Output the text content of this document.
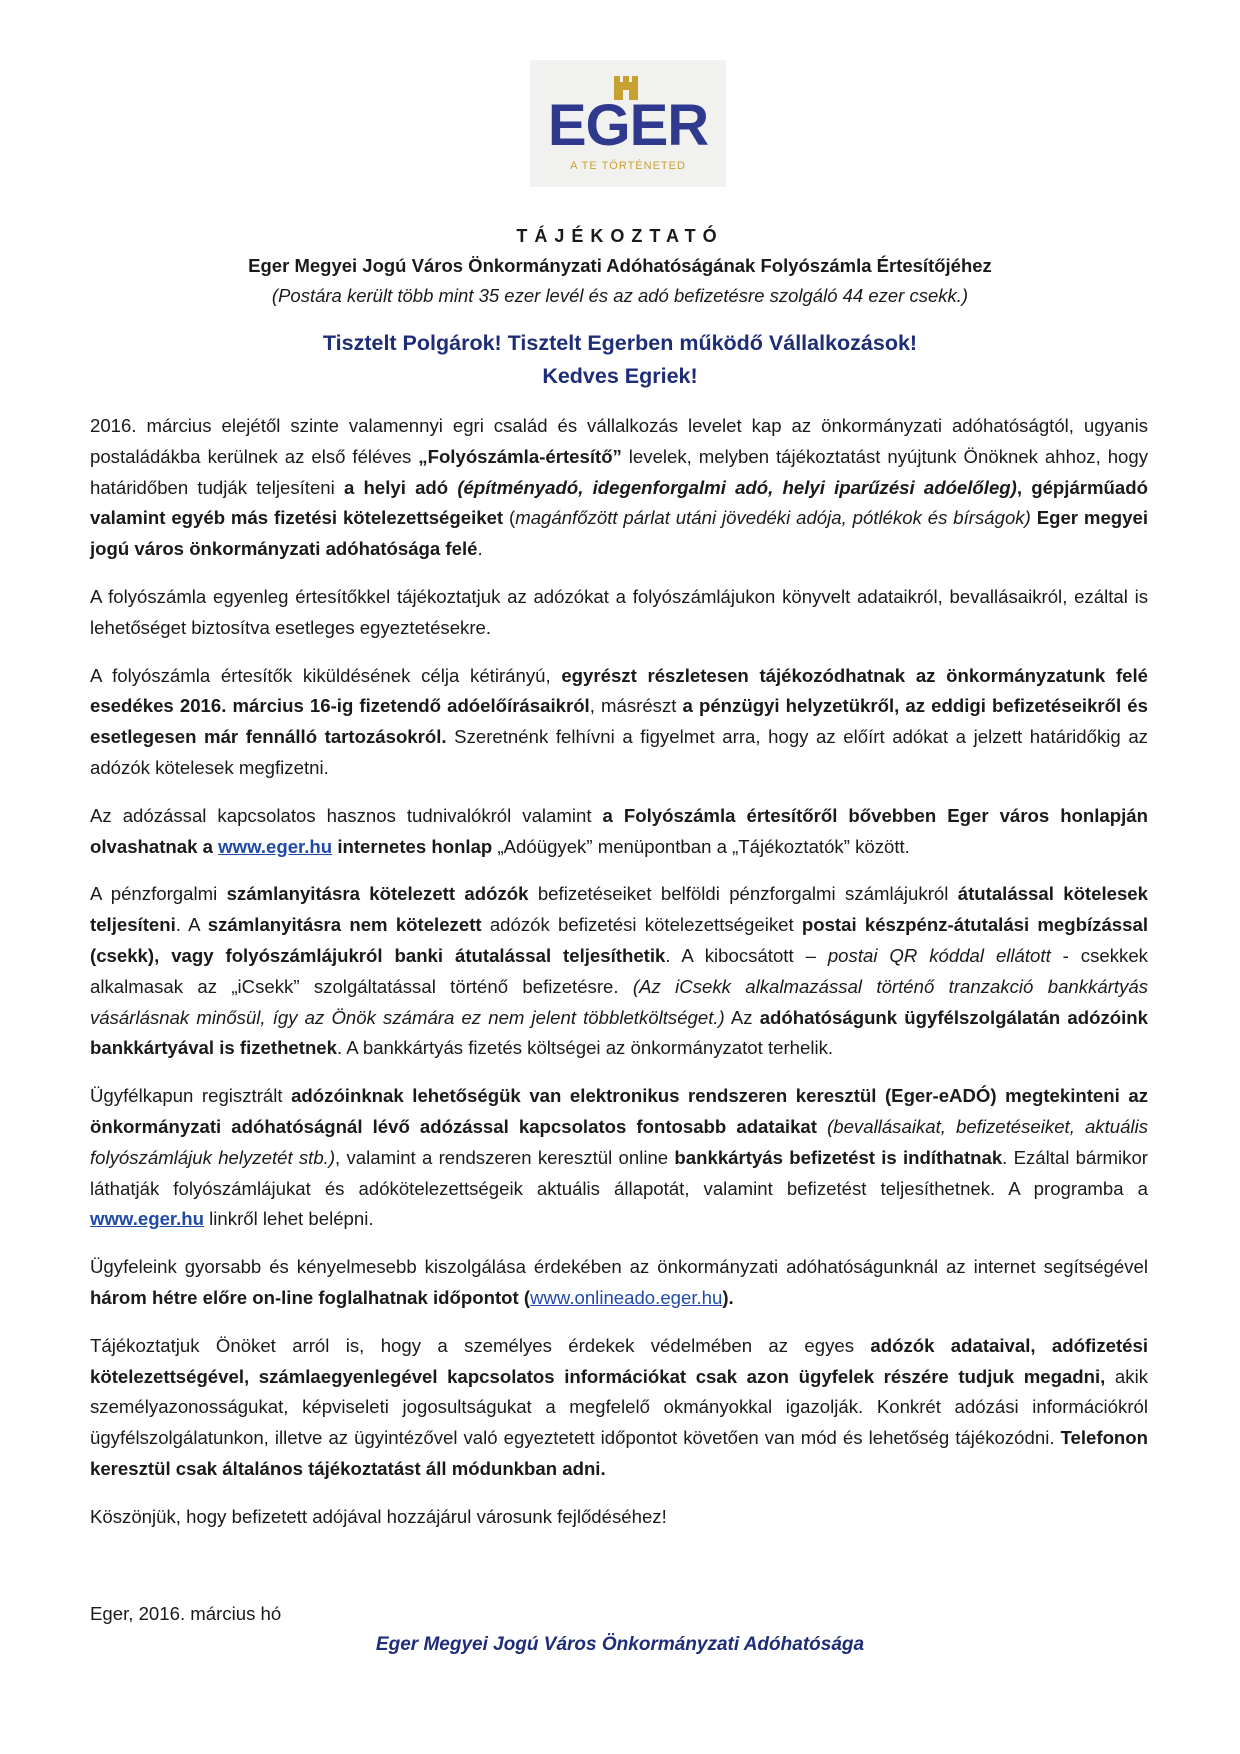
EGER
A TE TÖRTÉNETED
TÁJÉKOZTATÓ
Eger Megyei Jogú Város Önkormányzati Adóhatóságának Folyószámla Értesítőjéhez
(Postára került több mint 35 ezer levél és az adó befizetésre szolgáló 44 ezer csekk.)
Tisztelt Polgárok! Tisztelt Egerben működő Vállalkozások!
Kedves Egriek!

2016. március elejétől szinte valamennyi egri család és vállalkozás levelet kap az önkormányzati adóhatóságtól, ugyanis postaládákba kerülnek az első féléves „Folyószámla-értesítő” levelek, melyben tájékoztatást nyújtunk Önöknek ahhoz, hogy határidőben tudják teljesíteni a helyi adó (építményadó, idegenforgalmi adó, helyi iparűzési adóelőleg), gépjárműadó valamint egyéb más fizetési kötelezettségeiket (magánfőzött párlat utáni jövedéki adója, pótlékok és bírságok) Eger megyei jogú város önkormányzati adóhatósága felé.

A folyószámla egyenleg értesítőkkel tájékoztatjuk az adózókat a folyószámlájukon könyvelt adataikról, bevallásaikról, ezáltal is lehetőséget biztosítva esetleges egyeztetésekre.

A folyószámla értesítők kiküldésének célja kétirányú, egyrészt részletesen tájékozódhatnak az önkormányzatunk felé esedékes 2016. március 16-ig fizetendő adóelőírásaikról, másrészt a pénzügyi helyzetükről, az eddigi befizetéseikről és esetlegesen már fennálló tartozásokról. Szeretnénk felhívni a figyelmet arra, hogy az előírt adókat a jelzett határidőkig az adózók kötelesek megfizetni.

Az adózással kapcsolatos hasznos tudnivalókról valamint a Folyószámla értesítőről bővebben Eger város honlapján olvashatnak a www.eger.hu internetes honlap „Adóügyek” menüpontban a „Tájékoztatók” között.

A pénzforgalmi számlanyitásra kötelezett adózók befizetéseiket belföldi pénzforgalmi számlájukról átutalással kötelesek teljesíteni. A számlanyitásra nem kötelezett adózók befizetési kötelezettségeiket postai készpénz-átutalási megbízással (csekk), vagy folyószámlájukról banki átutalással teljesíthetik. A kibocsátott – postai QR kóddal ellátott - csekkek alkalmasak az „iCsekk” szolgáltatással történő befizetésre. (Az iCsekk alkalmazással történő tranzakció bankkártyás vásárlásnak minősül, így az Önök számára ez nem jelent többletköltséget.) Az adóhatóságunk ügyfélszolgálatán adózóink bankkártyával is fizethetnek. A bankkártyás fizetés költségei az önkormányzatot terhelik.

Ügyfélkapun regisztrált adózóinknak lehetőségük van elektronikus rendszeren keresztül (Eger-eADÓ) megtekinteni az önkormányzati adóhatóságnál lévő adózással kapcsolatos fontosabb adataikat (bevallásaikat, befizetéseiket, aktuális folyószámlájuk helyzetét stb.), valamint a rendszeren keresztül online bankkártyás befizetést is indíthatnak. Ezáltal bármikor láthatják folyószámlájukat és adókötelezettségeik aktuális állapotát, valamint befizetést teljesíthetnek. A programba a www.eger.hu linkről lehet belépni.

Ügyfeleink gyorsabb és kényelmesebb kiszolgálása érdekében az önkormányzati adóhatóságunknál az internet segítségével három hétre előre on-line foglalhatnak időpontot (www.onlineado.eger.hu).

Tájékoztatjuk Önöket arról is, hogy a személyes érdekek védelmében az egyes adózók adataival, adófizetési kötelezettségével, számlaegyenlegével kapcsolatos információkat csak azon ügyfelek részére tudjuk megadni, akik személyazonosságukat, képviseleti jogosultságukat a megfelelő okmányokkal igazolják. Konkrét adózási információkról ügyfélszolgálatunkon, illetve az ügyintézővel való egyeztetett időpontot követően van mód és lehetőség tájékozódni. Telefonon keresztül csak általános tájékoztatást áll módunkban adni.

Köszönjük, hogy befizetett adójával hozzájárul városunk fejlődéséhez!

Eger, 2016. március hó
Eger Megyei Jogú Város Önkormányzati Adóhatósága
